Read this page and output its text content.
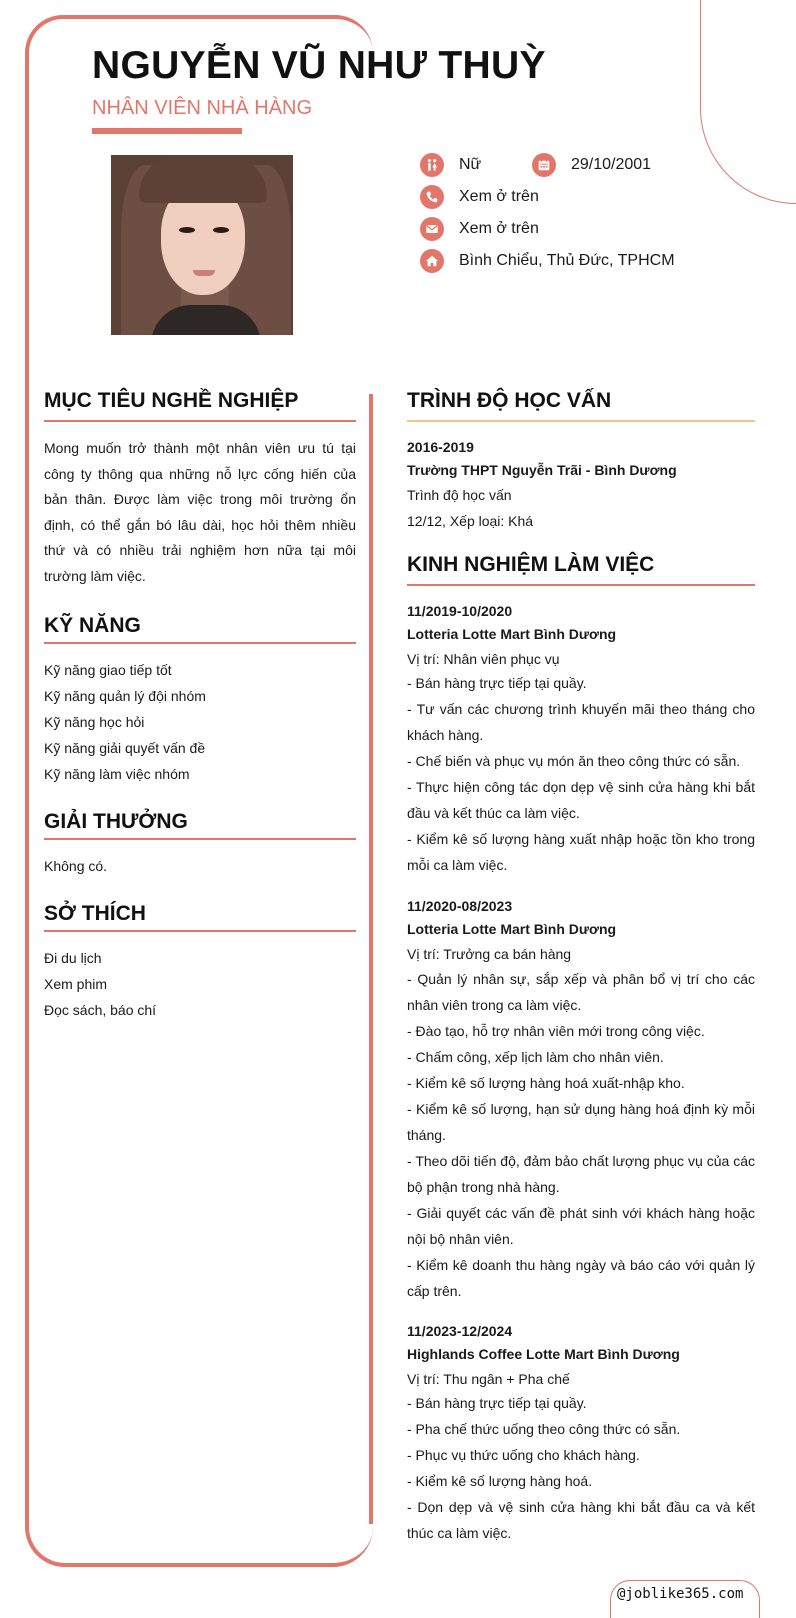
NGUYỄN VŨ NHƯ THUỲ
NHÂN VIÊN NHÀ HÀNG
Nữ	29/10/2001
Xem ở trên
Xem ở trên
Bình Chiểu, Thủ Đức, TPHCM
MỤC TIÊU NGHỀ NGHIỆP
Mong muốn trở thành một nhân viên ưu tú tại công ty thông qua những nỗ lực cống hiến của bản thân. Được làm việc trong môi trường ổn định, có thể gắn bó lâu dài, học hỏi thêm nhiều thứ và có nhiều trải nghiệm hơn nữa tại môi trường làm việc.
KỸ NĂNG
Kỹ năng giao tiếp tốt
Kỹ năng quản lý đội nhóm
Kỹ năng học hỏi
Kỹ năng giải quyết vấn đề
Kỹ năng làm việc nhóm
GIẢI THƯỞNG
Không có.
SỞ THÍCH
Đi du lịch
Xem phim
Đọc sách, báo chí
TRÌNH ĐỘ HỌC VẤN
2016-2019
Trường THPT Nguyễn Trãi - Bình Dương
Trình độ học vấn
12/12, Xếp loại: Khá
KINH NGHIỆM LÀM VIỆC
11/2019-10/2020
Lotteria Lotte Mart Bình Dương
Vị trí: Nhân viên phục vụ
- Bán hàng trực tiếp tại quầy.
- Tư vấn các chương trình khuyến mãi theo tháng cho khách hàng.
- Chế biến và phục vụ món ăn theo công thức có sẵn.
- Thực hiện công tác dọn dẹp vệ sinh cửa hàng khi bắt đầu và kết thúc ca làm việc.
- Kiểm kê số lượng hàng xuất nhập hoặc tồn kho trong mỗi ca làm việc.
11/2020-08/2023
Lotteria Lotte Mart Bình Dương
Vị trí: Trưởng ca bán hàng
- Quản lý nhân sự, sắp xếp và phân bổ vị trí cho các nhân viên trong ca làm việc.
- Đào tạo, hỗ trợ nhân viên mới trong công việc.
- Chấm công, xếp lịch làm cho nhân viên.
- Kiểm kê số lượng hàng hoá xuất-nhập kho.
- Kiểm kê số lượng, hạn sử dụng hàng hoá định kỳ mỗi tháng.
- Theo dõi tiến độ, đảm bảo chất lượng phục vụ của các bộ phận trong nhà hàng.
- Giải quyết các vấn đề phát sinh với khách hàng hoặc nội bộ nhân viên.
- Kiểm kê doanh thu hàng ngày và báo cáo với quản lý cấp trên.
11/2023-12/2024
Highlands Coffee Lotte Mart Bình Dương
Vị trí: Thu ngân + Pha chế
- Bán hàng trực tiếp tại quầy.
- Pha chế thức uống theo công thức có sẵn.
- Phục vụ thức uống cho khách hàng.
- Kiểm kê số lượng hàng hoá.
- Dọn dẹp và vệ sinh cửa hàng khi bắt đầu ca và kết thúc ca làm việc.
@joblike365.com
